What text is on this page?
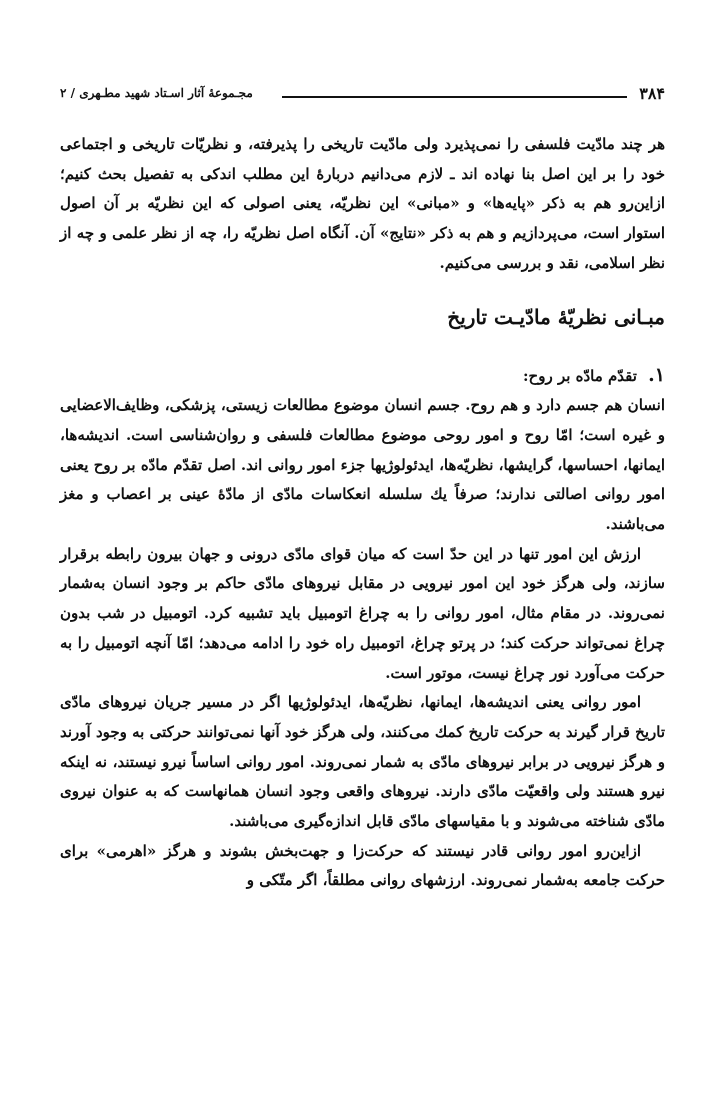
۳۸۴
مجـموعهٔ آثار اسـتاد شهید مطـهری / ۲

هر چند مادّیت فلسفی را نمی‌پذیرد ولی مادّیت تاریخی را پذیرفته، و نظریّات تاریخی و اجتماعی خود را بر این اصل بنا نهاده اند ـ لازم می‌دانیم دربارهٔ این مطلب اندکی به تفصیل بحث کنیم؛ ازاین‌رو هم به ذکر «پایه‌ها» و «مبانی» این نظریّه، یعنی اصولی که این نظریّه بر آن اصول استوار است، می‌پردازیم و هم به ذکر «نتایج» آن. آنگاه اصل نظریّه را، چه از نظر علمی و چه از نظر اسلامی، نقد و بررسی می‌کنیم.

مبـانی نظریّهٔ مادّیـت تاریخ

۱. تقدّم مادّه بر روح:

انسان هم جسم دارد و هم روح. جسم انسان موضوع مطالعات زیستی، پزشکی، وظایف‌الاعضایی و غیره است؛ امّا روح و امور روحی موضوع مطالعات فلسفی و روان‌شناسی است. اندیشه‌ها، ایمانها، احساسها، گرایشها، نظریّه‌ها، ایدئولوژیها جزء امور روانی اند. اصل تقدّم مادّه بر روح یعنی امور روانی اصالتی ندارند؛ صرفاً یك سلسله انعکاسات مادّی از مادّهٔ عینی بر اعصاب و مغز می‌باشند.

ارزش این امور تنها در این حدّ است که میان قوای مادّی درونی و جهان بیرون رابطه برقرار سازند، ولی هرگز خود این امور نیرویی در مقابل نیروهای مادّی حاکم بر وجود انسان به‌شمار نمی‌روند. در مقام مثال، امور روانی را به چراغ اتومبیل باید تشبیه کرد. اتومبیل در شب بدون چراغ نمی‌تواند حرکت کند؛ در پرتو چراغ، اتومبیل راه خود را ادامه می‌دهد؛ امّا آنچه اتومبیل را به حرکت می‌آورد نور چراغ نیست، موتور است.

امور روانی یعنی اندیشه‌ها، ایمانها، نظریّه‌ها، ایدئولوژیها اگر در مسیر جریان نیروهای مادّی تاریخ قرار گیرند به حرکت تاریخ کمك می‌کنند، ولی هرگز خود آنها نمی‌توانند حرکتی به وجود آورند و هرگز نیرویی در برابر نیروهای مادّی به شمار نمی‌روند. امور روانی اساساً نیرو نیستند، نه اینکه نیرو هستند ولی واقعیّت مادّی دارند. نیروهای واقعی وجود انسان همانهاست که به عنوان نیروی مادّی شناخته می‌شوند و با مقیاسهای مادّی قابل اندازه‌گیری می‌باشند.

ازاین‌رو امور روانی قادر نیستند که حرکت‌زا و جهت‌بخش بشوند و هرگز «اهرمی» برای حرکت جامعه به‌شمار نمی‌روند. ارزشهای روانی مطلقاً، اگر متّکی و
